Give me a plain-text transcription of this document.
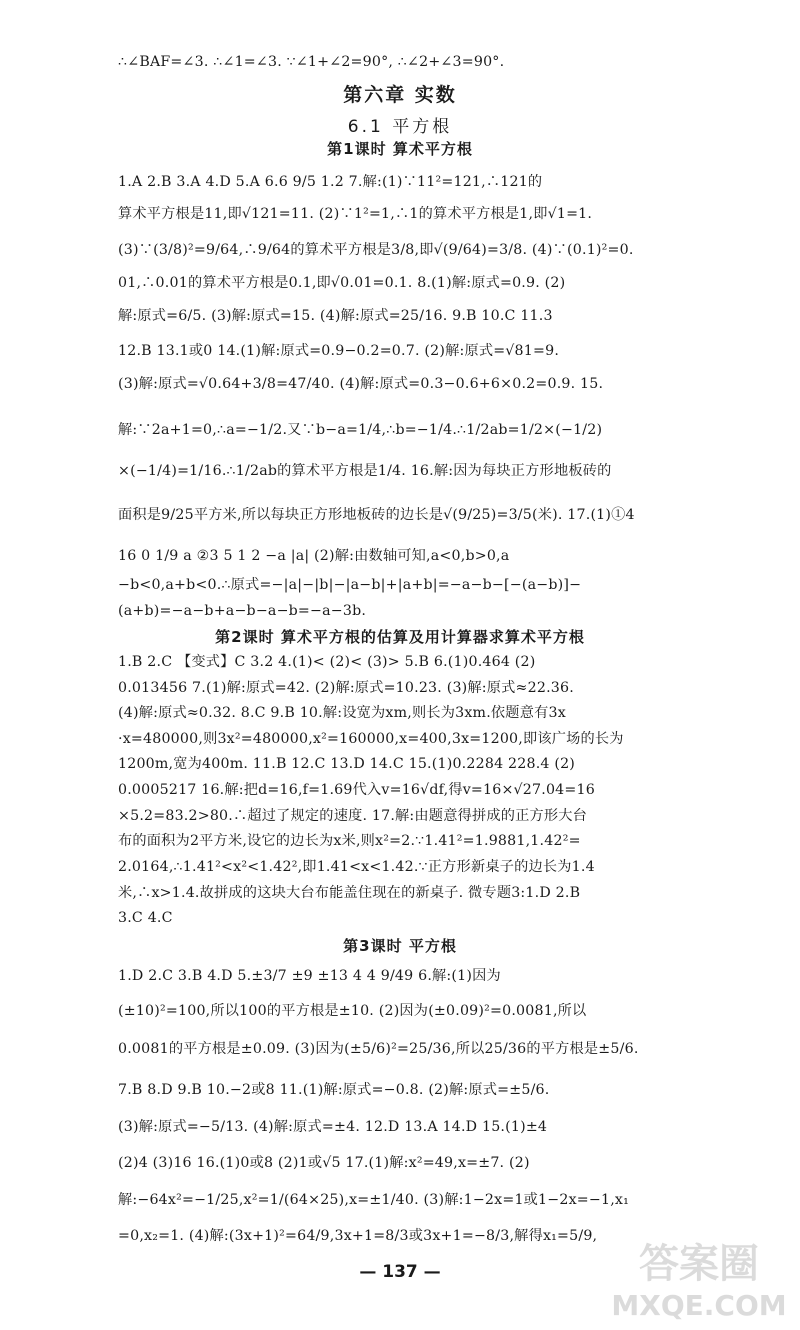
∴∠BAF=∠3. ∴∠1=∠3. ∵∠1+∠2=90°, ∴∠2+∠3=90°.
第六章 实数
6.1 平方根
第1课时 算术平方根
1.A 2.B 3.A 4.D 5.A 6.6 9/5 1.2 7.解:(1)∵11²=121,∴121的
算术平方根是11,即√121=11. (2)∵1²=1,∴1的算术平方根是1,即√1=1.
(3)∵(3/8)²=9/64,∴9/64的算术平方根是3/8,即√(9/64)=3/8. (4)∵(0.1)²=0.
01,∴0.01的算术平方根是0.1,即√0.01=0.1. 8.(1)解:原式=0.9. (2)
解:原式=6/5. (3)解:原式=15. (4)解:原式=25/16. 9.B 10.C 11.3
12.B 13.1或0 14.(1)解:原式=0.9−0.2=0.7. (2)解:原式=√81=9.
(3)解:原式=√0.64+3/8=47/40. (4)解:原式=0.3−0.6+6×0.2=0.9. 15.
解:∵2a+1=0,∴a=−1/2.又∵b−a=1/4,∴b=−1/4.∴1/2ab=1/2×(−1/2)
×(−1/4)=1/16.∴1/2ab的算术平方根是1/4. 16.解:因为每块正方形地板砖的
面积是9/25平方米,所以每块正方形地板砖的边长是√(9/25)=3/5(米). 17.(1)①4
16 0 1/9 a ②3 5 1 2 −a |a| (2)解:由数轴可知,a<0,b>0,a
−b<0,a+b<0.∴原式=−|a|−|b|−|a−b|+|a+b|=−a−b−[−(a−b)]−
(a+b)=−a−b+a−b−a−b=−a−3b.
第2课时 算术平方根的估算及用计算器求算术平方根
1.B 2.C 【变式】C 3.2 4.(1)< (2)< (3)> 5.B 6.(1)0.464 (2)
0.013456 7.(1)解:原式=42. (2)解:原式=10.23. (3)解:原式≈22.36.
(4)解:原式≈0.32. 8.C 9.B 10.解:设宽为xm,则长为3xm.依题意有3x
·x=480000,则3x²=480000,x²=160000,x=400,3x=1200,即该广场的长为
1200m,宽为400m. 11.B 12.C 13.D 14.C 15.(1)0.2284 228.4 (2)
0.0005217 16.解:把d=16,f=1.69代入v=16√df,得v=16×√27.04=16
×5.2=83.2>80.∴超过了规定的速度. 17.解:由题意得拼成的正方形大台
布的面积为2平方米,设它的边长为x米,则x²=2.∵1.41²=1.9881,1.42²=
2.0164,∴1.41²<x²<1.42²,即1.41<x<1.42.∵正方形新桌子的边长为1.4
米,∴x>1.4.故拼成的这块大台布能盖住现在的新桌子. 微专题3:1.D 2.B
3.C 4.C
第3课时 平方根
1.D 2.C 3.B 4.D 5.±3/7 ±9 ±13 4 4 9/49 6.解:(1)因为
(±10)²=100,所以100的平方根是±10. (2)因为(±0.09)²=0.0081,所以
0.0081的平方根是±0.09. (3)因为(±5/6)²=25/36,所以25/36的平方根是±5/6.
7.B 8.D 9.B 10.−2或8 11.(1)解:原式=−0.8. (2)解:原式=±5/6.
(3)解:原式=−5/13. (4)解:原式=±4. 12.D 13.A 14.D 15.(1)±4
(2)4 (3)16 16.(1)0或8 (2)1或√5 17.(1)解:x²=49,x=±7. (2)
解:−64x²=−1/25,x²=1/(64×25),x=±1/40. (3)解:1−2x=1或1−2x=−1,x₁
=0,x₂=1. (4)解:(3x+1)²=64/9,3x+1=8/3或3x+1=−8/3,解得x₁=5/9,
— 137 —	答案圈
MXQE.COM
